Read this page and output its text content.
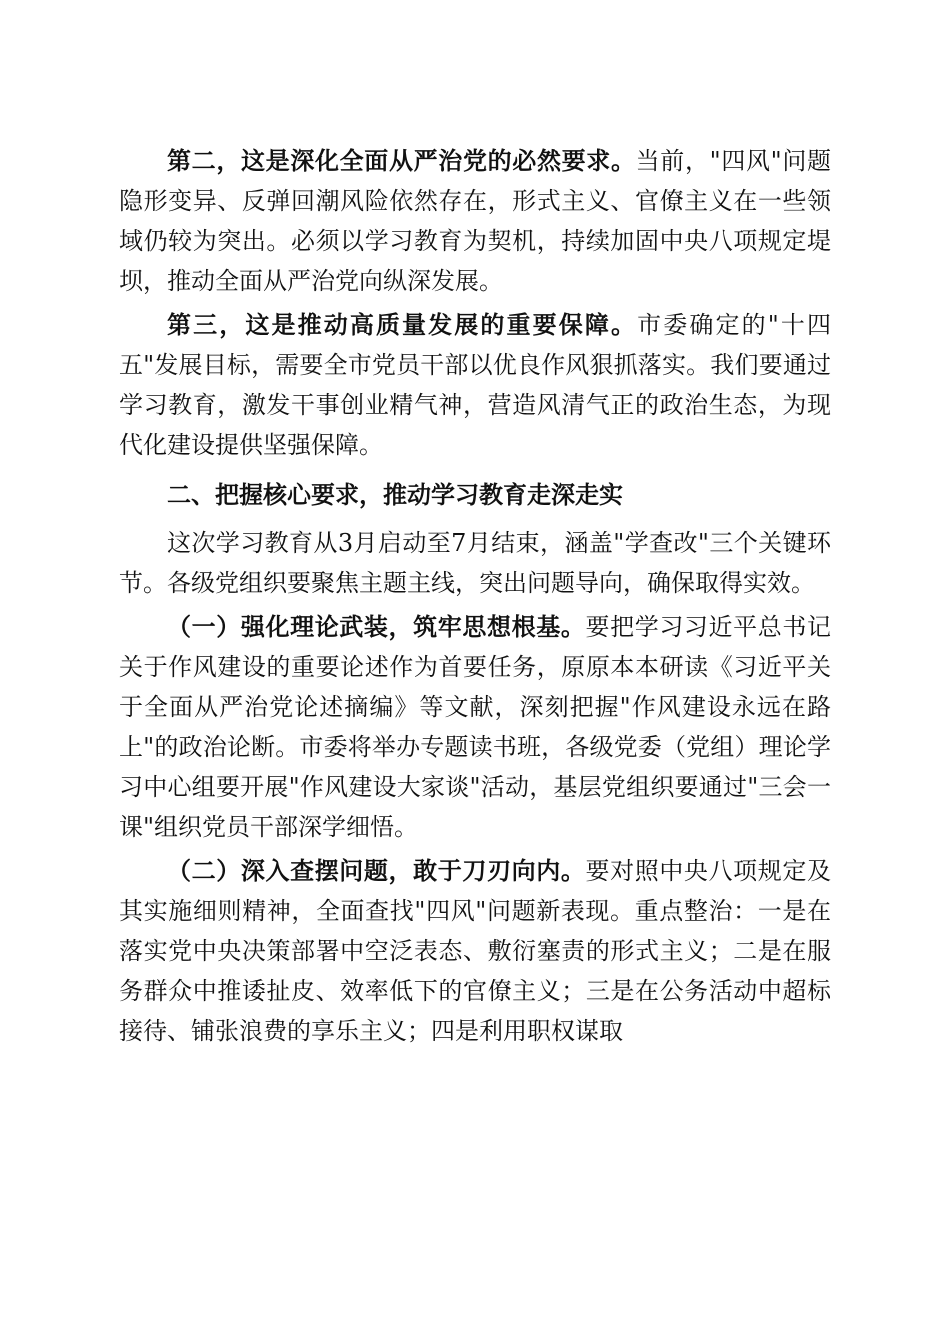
第二，这是深化全面从严治党的必然要求。当前，"四风"问题隐形变异、反弹回潮风险依然存在，形式主义、官僚主义在一些领域仍较为突出。必须以学习教育为契机，持续加固中央八项规定堤坝，推动全面从严治党向纵深发展。

第三，这是推动高质量发展的重要保障。市委确定的"十四五"发展目标，需要全市党员干部以优良作风狠抓落实。我们要通过学习教育，激发干事创业精气神，营造风清气正的政治生态，为现代化建设提供坚强保障。

二、把握核心要求，推动学习教育走深走实

这次学习教育从3月启动至7月结束，涵盖"学查改"三个关键环节。各级党组织要聚焦主题主线，突出问题导向，确保取得实效。

（一）强化理论武装，筑牢思想根基。要把学习习近平总书记关于作风建设的重要论述作为首要任务，原原本本研读《习近平关于全面从严治党论述摘编》等文献，深刻把握"作风建设永远在路上"的政治论断。市委将举办专题读书班，各级党委（党组）理论学习中心组要开展"作风建设大家谈"活动，基层党组织要通过"三会一课"组织党员干部深学细悟。

（二）深入查摆问题，敢于刀刃向内。要对照中央八项规定及其实施细则精神，全面查找"四风"问题新表现。重点整治：一是在落实党中央决策部署中空泛表态、敷衍塞责的形式主义；二是在服务群众中推诿扯皮、效率低下的官僚主义；三是在公务活动中超标接待、铺张浪费的享乐主义；四是利用职权谋取
